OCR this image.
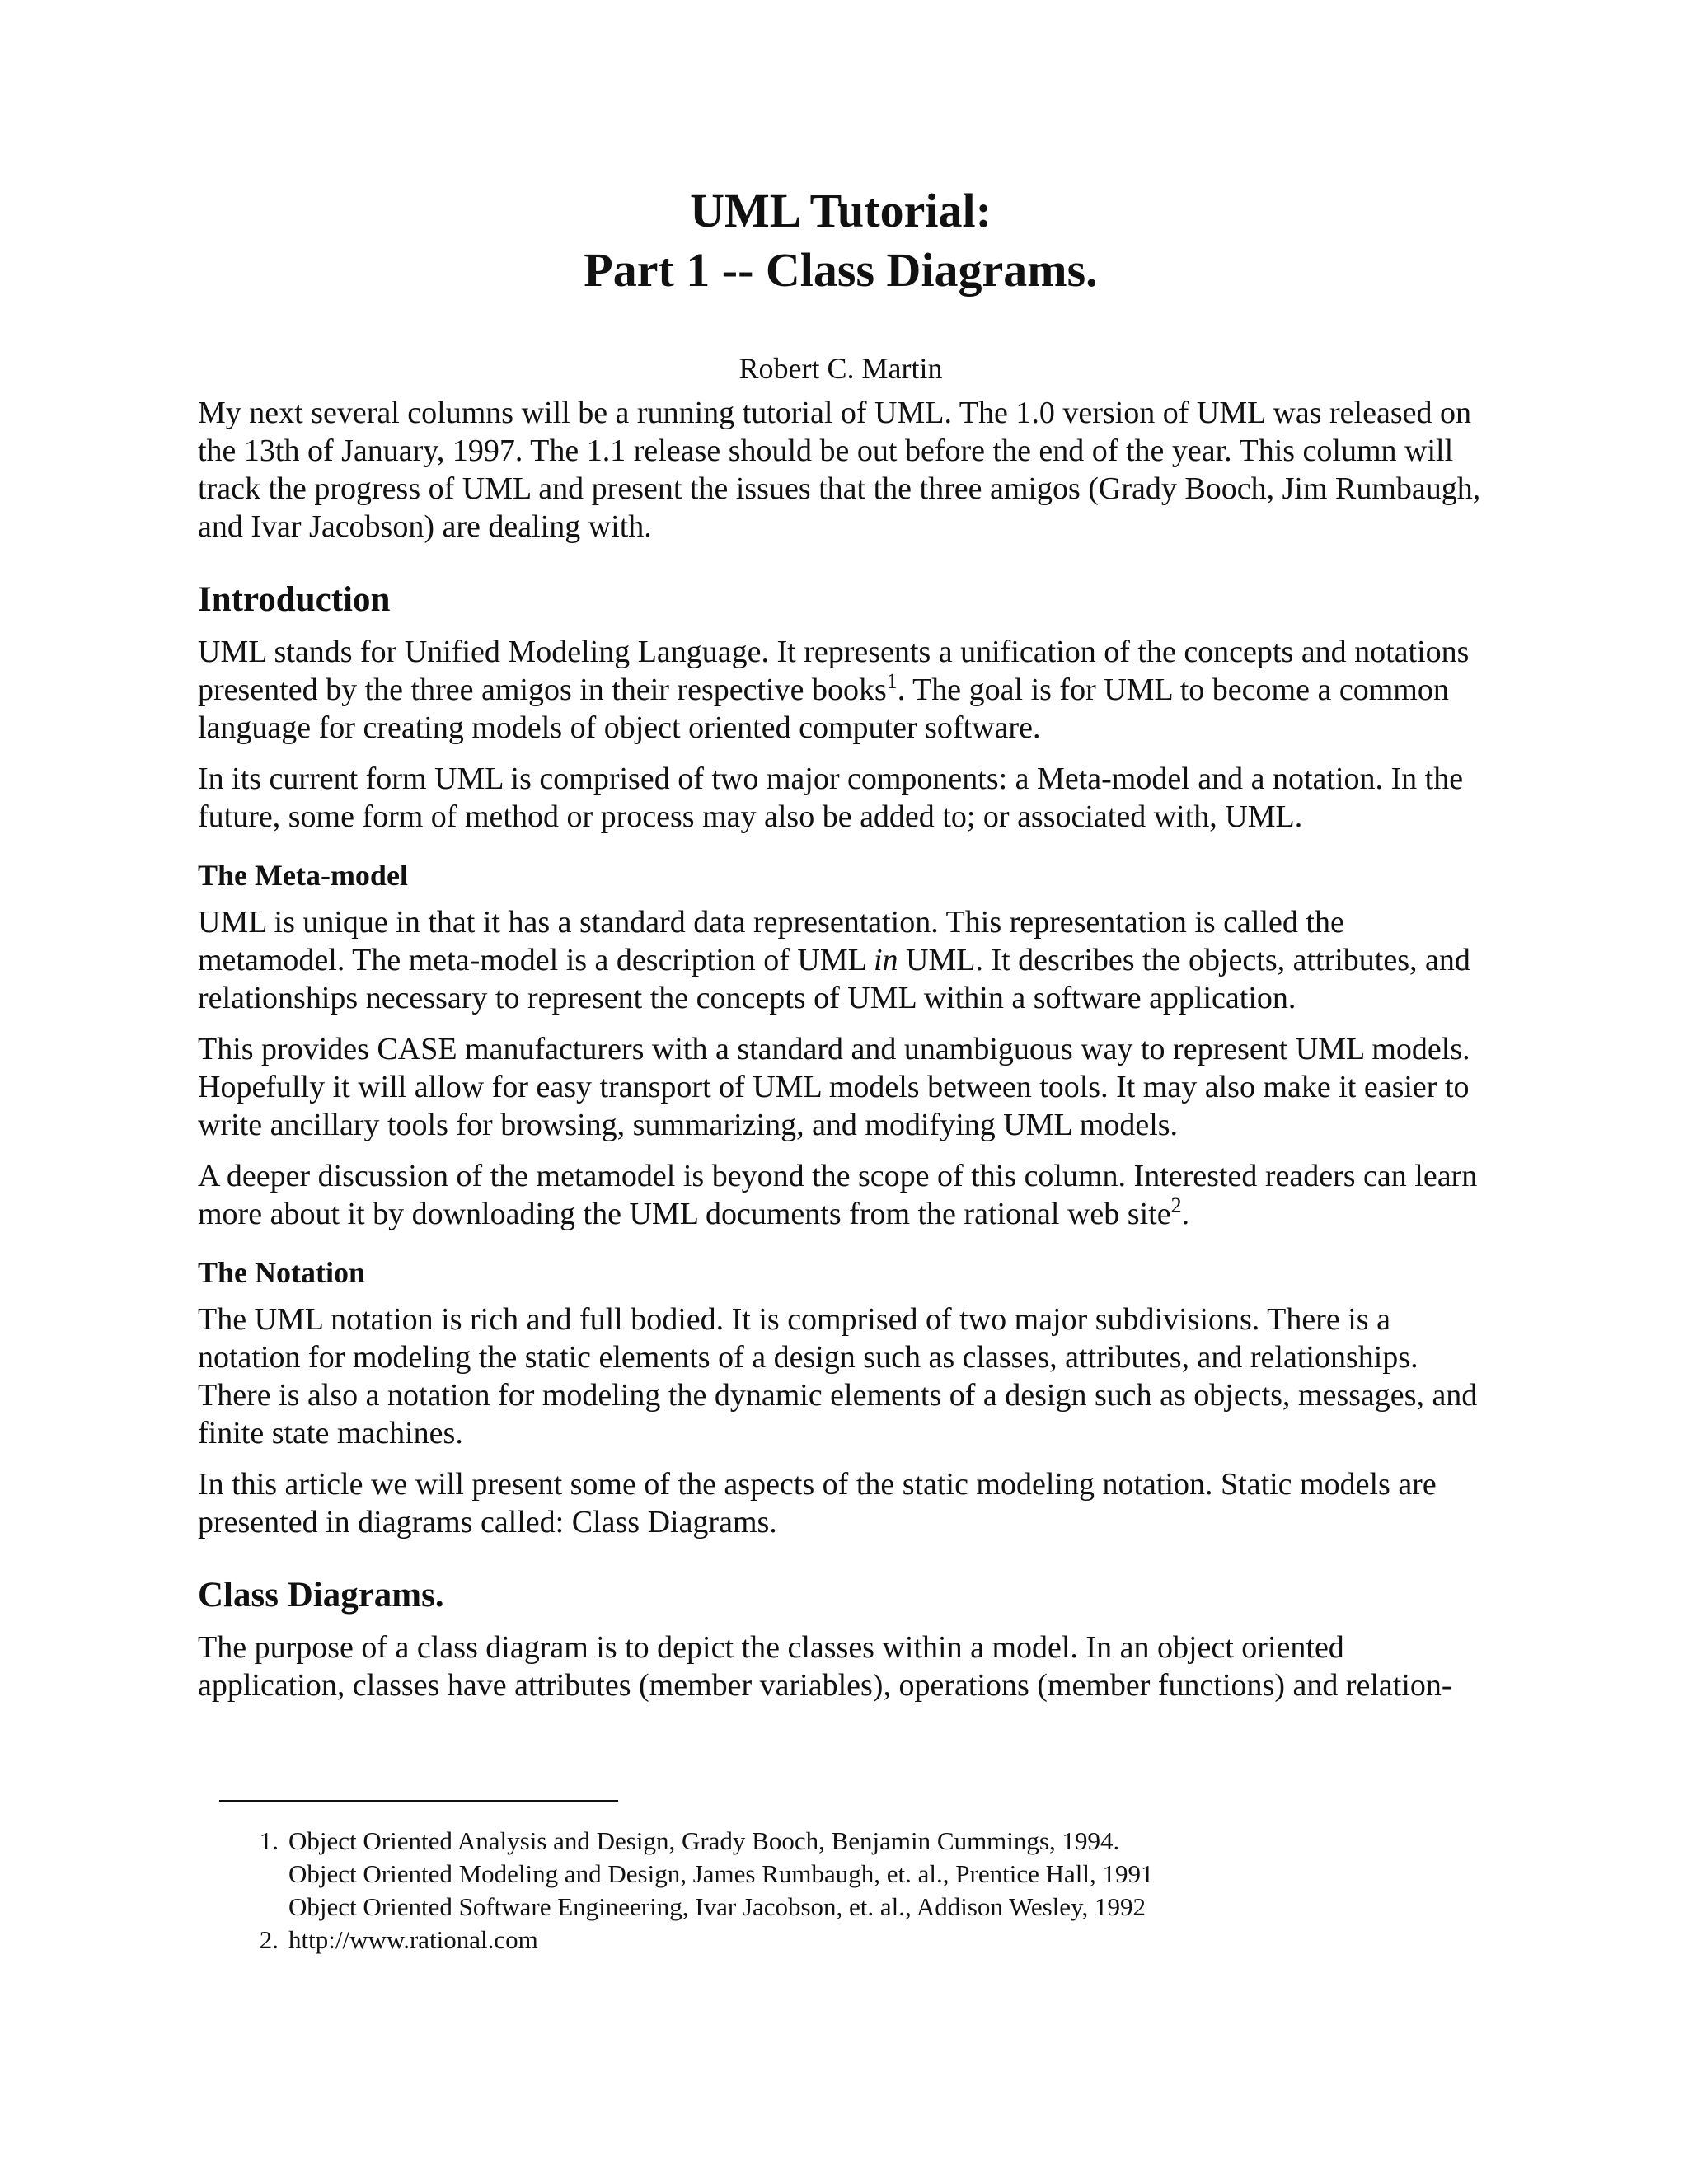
UML Tutorial:
Part 1 -- Class Diagrams.
Robert C. Martin

My next several columns will be a running tutorial of UML. The 1.0 version of UML was released on the 13th of January, 1997. The 1.1 release should be out before the end of the year. This column will track the progress of UML and present the issues that the three amigos (Grady Booch, Jim Rumbaugh, and Ivar Jacobson) are dealing with.

Introduction

UML stands for Unified Modeling Language. It represents a unification of the concepts and notations presented by the three amigos in their respective books$^1$. The goal is for UML to become a common language for creating models of object oriented computer software.

In its current form UML is comprised of two major components: a Meta-model and a notation. In the future, some form of method or process may also be added to; or associated with, UML.

The Meta-model

UML is unique in that it has a standard data representation. This representation is called the metamodel. The meta-model is a description of UML in UML. It describes the objects, attributes, and relationships necessary to represent the concepts of UML within a software application.

This provides CASE manufacturers with a standard and unambiguous way to represent UML models. Hopefully it will allow for easy transport of UML models between tools. It may also make it easier to write ancillary tools for browsing, summarizing, and modifying UML models.

A deeper discussion of the metamodel is beyond the scope of this column. Interested readers can learn more about it by downloading the UML documents from the rational web site$^2$.

The Notation

The UML notation is rich and full bodied. It is comprised of two major subdivisions. There is a notation for modeling the static elements of a design such as classes, attributes, and relationships. There is also a notation for modeling the dynamic elements of a design such as objects, messages, and finite state machines.

In this article we will present some of the aspects of the static modeling notation. Static models are presented in diagrams called: Class Diagrams.

Class Diagrams.

The purpose of a class diagram is to depict the classes within a model. In an object oriented application, classes have attributes (member variables), operations (member functions) and relation-

1. Object Oriented Analysis and Design, Grady Booch, Benjamin Cummings, 1994.
Object Oriented Modeling and Design, James Rumbaugh, et. al., Prentice Hall, 1991
Object Oriented Software Engineering, Ivar Jacobson, et. al., Addison Wesley, 1992
2. http://www.rational.com
